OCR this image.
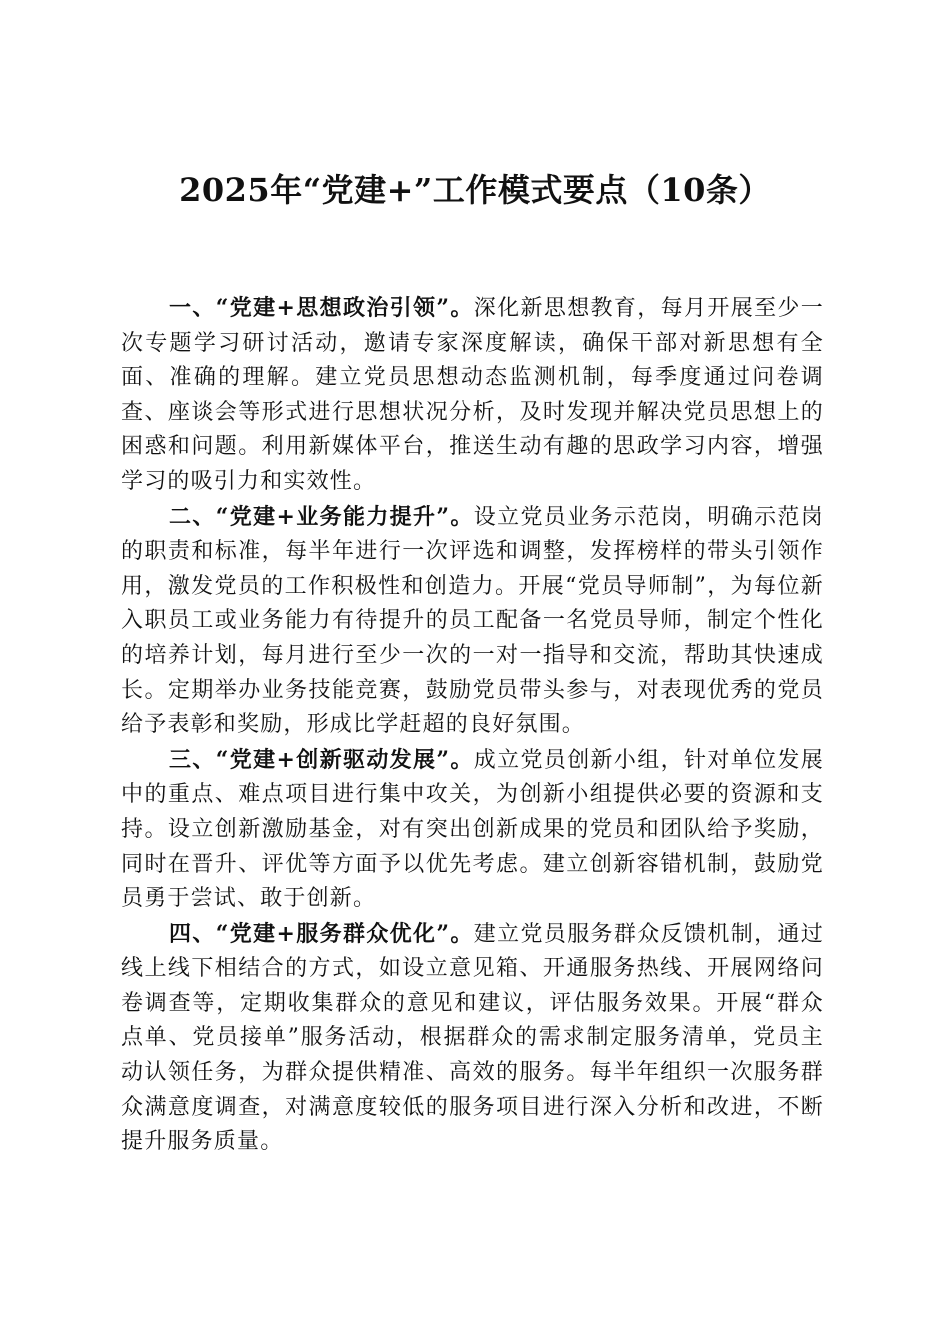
2025年“党建+”工作模式要点（10条）

一、“党建+思想政治引领”。深化新思想教育，每月开展至少一次专题学习研讨活动，邀请专家深度解读，确保干部对新思想有全面、准确的理解。建立党员思想动态监测机制，每季度通过问卷调查、座谈会等形式进行思想状况分析，及时发现并解决党员思想上的困惑和问题。利用新媒体平台，推送生动有趣的思政学习内容，增强学习的吸引力和实效性。

二、“党建+业务能力提升”。设立党员业务示范岗，明确示范岗的职责和标准，每半年进行一次评选和调整，发挥榜样的带头引领作用，激发党员的工作积极性和创造力。开展“党员导师制”，为每位新入职员工或业务能力有待提升的员工配备一名党员导师，制定个性化的培养计划，每月进行至少一次的一对一指导和交流，帮助其快速成长。定期举办业务技能竞赛，鼓励党员带头参与，对表现优秀的党员给予表彰和奖励，形成比学赶超的良好氛围。

三、“党建+创新驱动发展”。成立党员创新小组，针对单位发展中的重点、难点项目进行集中攻关，为创新小组提供必要的资源和支持。设立创新激励基金，对有突出创新成果的党员和团队给予奖励，同时在晋升、评优等方面予以优先考虑。建立创新容错机制，鼓励党员勇于尝试、敢于创新。

四、“党建+服务群众优化”。建立党员服务群众反馈机制，通过线上线下相结合的方式，如设立意见箱、开通服务热线、开展网络问卷调查等，定期收集群众的意见和建议，评估服务效果。开展“群众点单、党员接单”服务活动，根据群众的需求制定服务清单，党员主动认领任务，为群众提供精准、高效的服务。每半年组织一次服务群众满意度调查，对满意度较低的服务项目进行深入分析和改进，不断提升服务质量。
